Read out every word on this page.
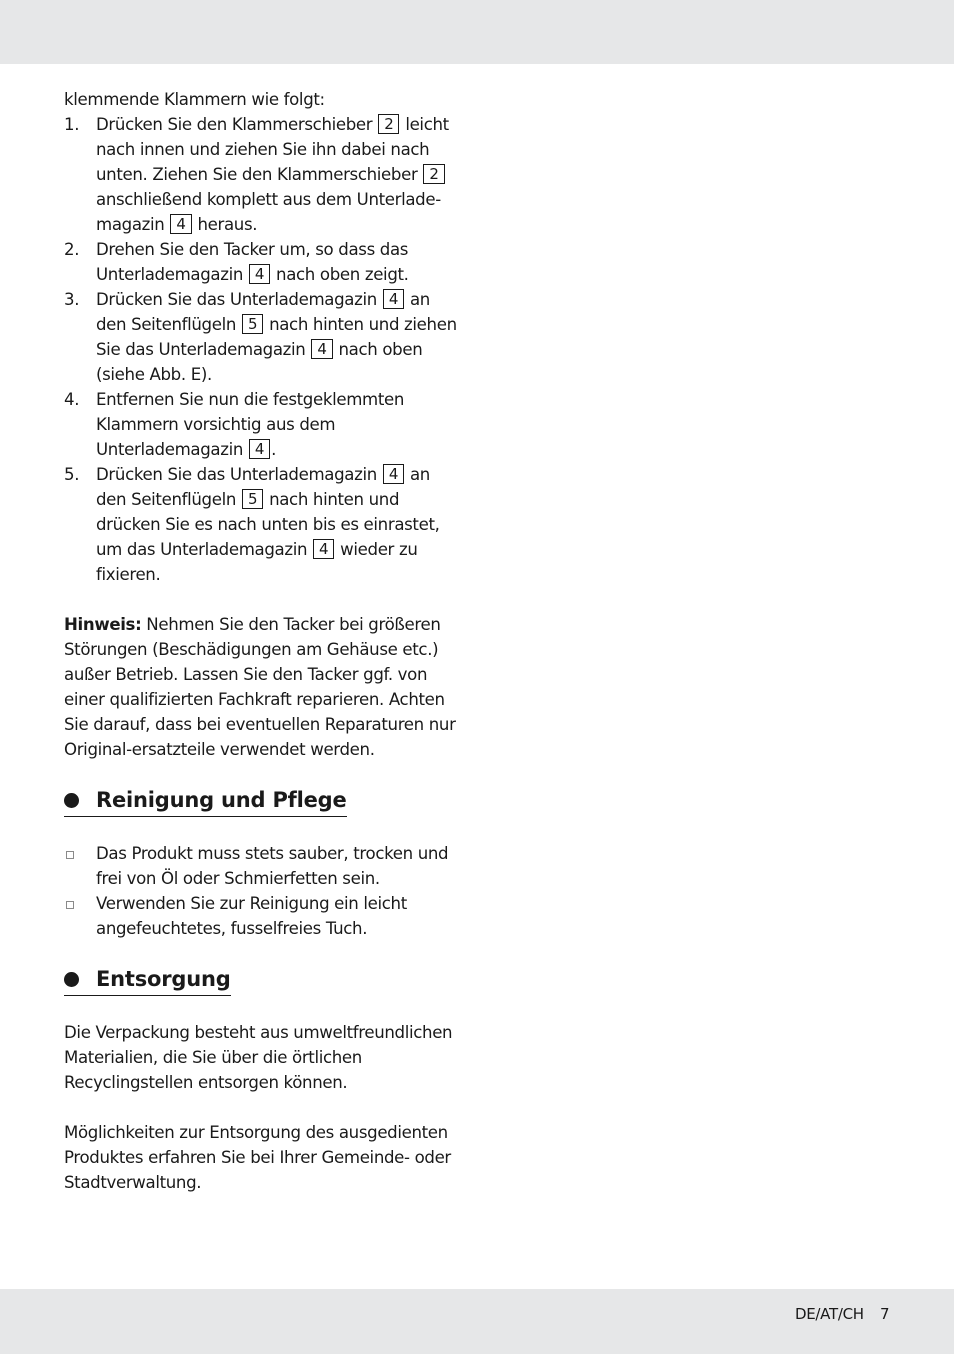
klemmende Klammern wie folgt:

1. Drücken Sie den Klammerschieber 2 leicht nach innen und ziehen Sie ihn dabei nach unten. Ziehen Sie den Klammerschieber 2 anschließend komplett aus dem Unterlade-magazin 4 heraus.
2. Drehen Sie den Tacker um, so dass das Unterlademagazin 4 nach oben zeigt.
3. Drücken Sie das Unterlademagazin 4 an den Seitenflügeln 5 nach hinten und ziehen Sie das Unterlademagazin 4 nach oben (siehe Abb. E).
4. Entfernen Sie nun die festgeklemmten Klammern vorsichtig aus dem Unterlademagazin 4 .
5. Drücken Sie das Unterlademagazin 4 an den Seitenflügeln 5 nach hinten und drücken Sie es nach unten bis es einrastet, um das Unterlademagazin 4 wieder zu fixieren.

Hinweis: Nehmen Sie den Tacker bei größeren Störungen (Beschädigungen am Gehäuse etc.) außer Betrieb. Lassen Sie den Tacker ggf. von einer qualifizierten Fachkraft reparieren. Achten Sie darauf, dass bei eventuellen Reparaturen nur Original-ersatzteile verwendet werden.

Reinigung und Pflege
Das Produkt muss stets sauber, trocken und frei von Öl oder Schmierfetten sein.
Verwenden Sie zur Reinigung ein leicht angefeuchtetes, fusselfreies Tuch.
Entsorgung

Die Verpackung besteht aus umweltfreundlichen Materialien, die Sie über die örtlichen Recyclingstellen entsorgen können.

Möglichkeiten zur Entsorgung des ausgedienten Produktes erfahren Sie bei Ihrer Gemeinde- oder Stadtverwaltung.

DE/AT/CH 7
